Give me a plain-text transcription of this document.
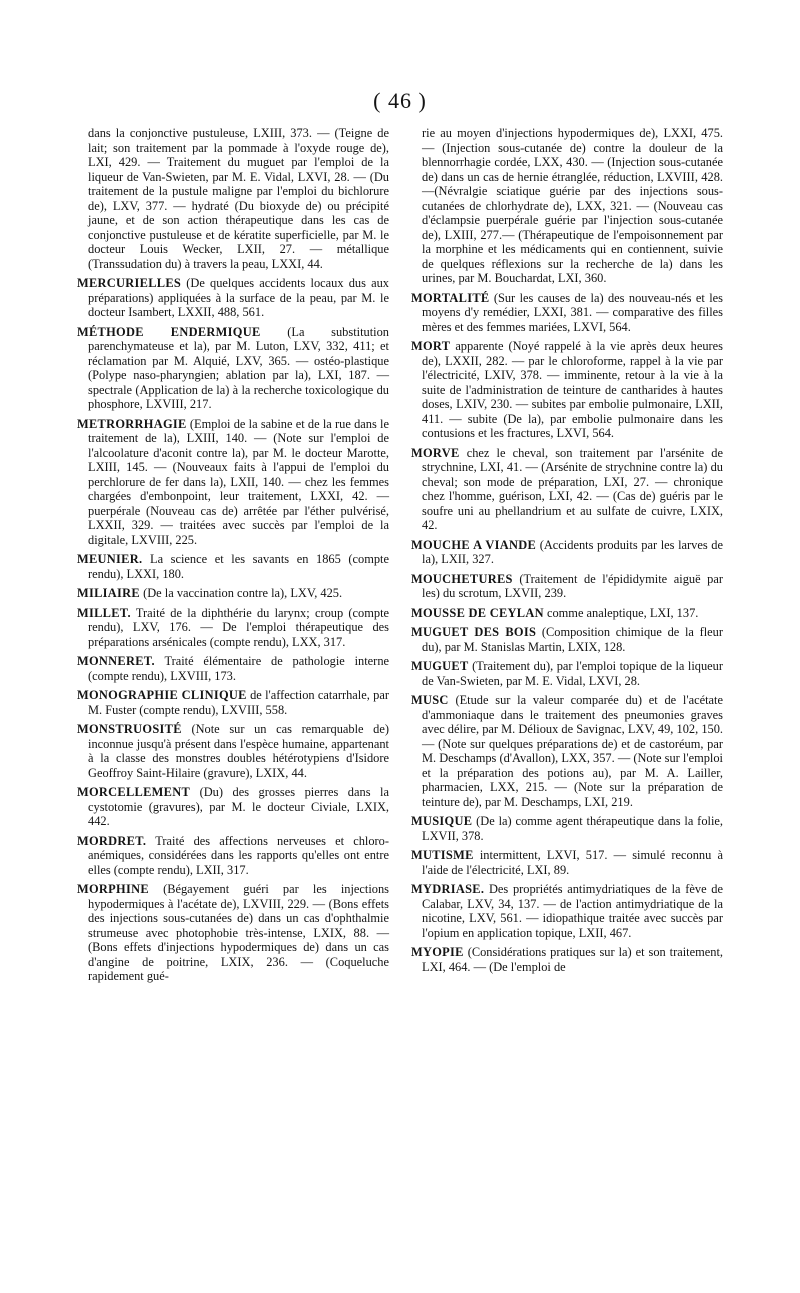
( 46 )

dans la conjonctive pustuleuse, LXIII, 373. — (Teigne de lait; son traitement par la pommade à l'oxyde rouge de), LXI, 429. — Traitement du muguet par l'emploi de la liqueur de Van-Swieten, par M. E. Vidal, LXVI, 28. — (Du traitement de la pustule maligne par l'emploi du bichlorure de), LXV, 377. — hydraté (Du bioxyde de) ou précipité jaune, et de son action thérapeutique dans les cas de conjonctive pustuleuse et de kératite superficielle, par M. le docteur Louis Wecker, LXII, 27. — métallique (Transsudation du) à travers la peau, LXXI, 44.

MERCURIELLES (De quelques accidents locaux dus aux préparations) appliquées à la surface de la peau, par M. le docteur Isambert, LXXII, 488, 561.

MÉTHODE ENDERMIQUE (La substitution parenchymateuse et la), par M. Luton, LXV, 332, 411; et réclamation par M. Alquié, LXV, 365. — ostéo-plastique (Polype naso-pharyngien; ablation par la), LXI, 187. — spectrale (Application de la) à la recherche toxicologique du phosphore, LXVIII, 217.

METRORRHAGIE (Emploi de la sabine et de la rue dans le traitement de la), LXIII, 140. — (Note sur l'emploi de l'alcoolature d'aconit contre la), par M. le docteur Marotte, LXIII, 145. — (Nouveaux faits à l'appui de l'emploi du perchlorure de fer dans la), LXII, 140. — chez les femmes chargées d'embonpoint, leur traitement, LXXI, 42. — puerpérale (Nouveau cas de) arrêtée par l'éther pulvérisé, LXXII, 329. — traitées avec succès par l'emploi de la digitale, LXVIII, 225.

MEUNIER. La science et les savants en 1865 (compte rendu), LXXI, 180.

MILIAIRE (De la vaccination contre la), LXV, 425.

MILLET. Traité de la diphthérie du larynx; croup (compte rendu), LXV, 176. — De l'emploi thérapeutique des préparations arsénicales (compte rendu), LXX, 317.

MONNERET. Traité élémentaire de pathologie interne (compte rendu), LXVIII, 173.

MONOGRAPHIE CLINIQUE de l'affection catarrhale, par M. Fuster (compte rendu), LXVIII, 558.

MONSTRUOSITÉ (Note sur un cas remarquable de) inconnue jusqu'à présent dans l'espèce humaine, appartenant à la classe des monstres doubles hétérotypiens d'Isidore Geoffroy Saint-Hilaire (gravure), LXIX, 44.

MORCELLEMENT (Du) des grosses pierres dans la cystotomie (gravures), par M. le docteur Civiale, LXIX, 442.

MORDRET. Traité des affections nerveuses et chloro-anémiques, considérées dans les rapports qu'elles ont entre elles (compte rendu), LXII, 317.

MORPHINE (Bégayement guéri par les injections hypodermiques à l'acétate de), LXVIII, 229. — (Bons effets des injections sous-cutanées de) dans un cas d'ophthalmie strumeuse avec photophobie très-intense, LXIX, 88. — (Bons effets d'injections hypodermiques de) dans un cas d'angine de poitrine, LXIX, 236. — (Coqueluche rapidement gué-

rie au moyen d'injections hypodermiques de), LXXI, 475. — (Injection sous-cutanée de) contre la douleur de la blennorrhagie cordée, LXX, 430. — (Injection sous-cutanée de) dans un cas de hernie étranglée, réduction, LXVIII, 428.—(Névralgie sciatique guérie par des injections sous-cutanées de chlorhydrate de), LXX, 321. — (Nouveau cas d'éclampsie puerpérale guérie par l'injection sous-cutanée de), LXIII, 277.— (Thérapeutique de l'empoisonnement par la morphine et les médicaments qui en contiennent, suivie de quelques réflexions sur la recherche de la) dans les urines, par M. Bouchardat, LXI, 360.

MORTALITÉ (Sur les causes de la) des nouveau-nés et les moyens d'y remédier, LXXI, 381. — comparative des filles mères et des femmes mariées, LXVI, 564.

MORT apparente (Noyé rappelé à la vie après deux heures de), LXXII, 282. — par le chloroforme, rappel à la vie par l'électricité, LXIV, 378. — imminente, retour à la vie à la suite de l'administration de teinture de cantharides à hautes doses, LXIV, 230. — subites par embolie pulmonaire, LXII, 411. — subite (De la), par embolie pulmonaire dans les contusions et les fractures, LXVI, 564.

MORVE chez le cheval, son traitement par l'arsénite de strychnine, LXI, 41. — (Arsénite de strychnine contre la) du cheval; son mode de préparation, LXI, 27. — chronique chez l'homme, guérison, LXI, 42. — (Cas de) guéris par le soufre uni au phellandrium et au sulfate de cuivre, LXIX, 42.

MOUCHE A VIANDE (Accidents produits par les larves de la), LXII, 327.

MOUCHETURES (Traitement de l'épididymite aiguë par les) du scrotum, LXVII, 239.

MOUSSE DE CEYLAN comme analeptique, LXI, 137.

MUGUET DES BOIS (Composition chimique de la fleur du), par M. Stanislas Martin, LXIX, 128.

MUGUET (Traitement du), par l'emploi topique de la liqueur de Van-Swieten, par M. E. Vidal, LXVI, 28.

MUSC (Etude sur la valeur comparée du) et de l'acétate d'ammoniaque dans le traitement des pneumonies graves avec délire, par M. Délioux de Savignac, LXV, 49, 102, 150. — (Note sur quelques préparations de) et de castoréum, par M. Deschamps (d'Avallon), LXX, 357. — (Note sur l'emploi et la préparation des potions au), par M. A. Lailler, pharmacien, LXX, 215. — (Note sur la préparation de teinture de), par M. Deschamps, LXI, 219.

MUSIQUE (De la) comme agent thérapeutique dans la folie, LXVII, 378.

MUTISME intermittent, LXVI, 517. — simulé reconnu à l'aide de l'électricité, LXI, 89.

MYDRIASE. Des propriétés antimydriatiques de la fève de Calabar, LXV, 34, 137. — de l'action antimydriatique de la nicotine, LXV, 561. — idiopathique traitée avec succès par l'opium en application topique, LXII, 467.

MYOPIE (Considérations pratiques sur la) et son traitement, LXI, 464. — (De l'emploi de
